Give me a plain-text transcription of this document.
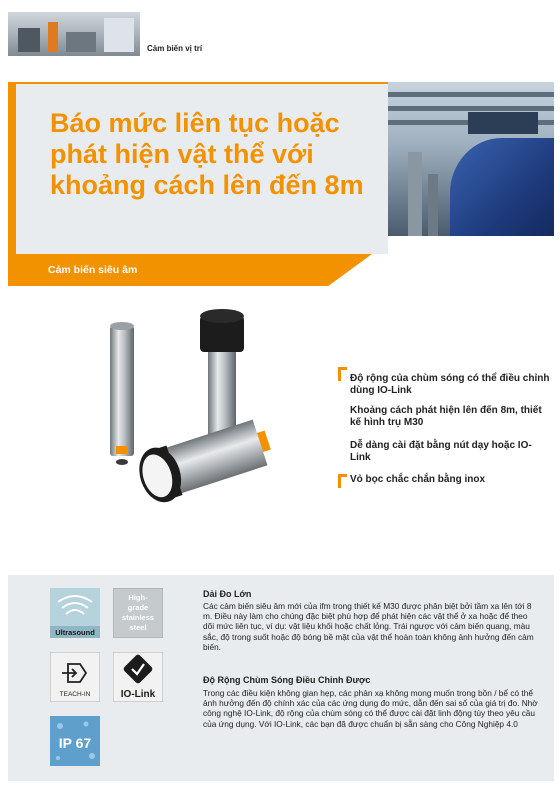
Cảm biến vị trí
Báo mức liên tục hoặc phát hiện vật thể với khoảng cách lên đến 8m
Cảm biến siêu âm
Độ rộng của chùm sóng có thể điều chỉnh dùng IO-Link
Khoảng cách phát hiện lên đến 8m, thiết kế hình trụ M30
Dễ dàng cài đặt bằng nút dạy hoặc IO-Link
Vỏ bọc chắc chắn bằng inox
Ultrasound
High-
grade
stainless
steel
TEACH-IN	IO-Link
IP 67
Dải Đo Lớn
Các cảm biến siêu âm mới của ifm trong thiết kế M30 được phân biệt bởi tầm xa lên tới 8 m. Điều này làm cho chúng đặc biệt phù hợp để phát hiện các vật thể ở xa hoặc để theo dõi mức liên tục, ví dụ: vật liệu khối hoặc chất lỏng. Trái ngược với cảm biến quang, màu sắc, độ trong suốt hoặc độ bóng bề mặt của vật thể hoàn toàn không ảnh hưởng đến cảm biến.
Độ Rộng Chùm Sóng Điều Chỉnh Được
Trong các điều kiện không gian hẹp, các phản xạ không mong muốn trong bồn / bể có thể ảnh hưởng đến độ chính xác của các ứng dụng đo mức, dẫn đến sai số của giá trị đo. Nhờ công nghệ IO-Link, độ rộng của chùm sóng có thể được cài đặt linh động tùy theo yêu cầu của ứng dụng. Với IO-Link, các bạn đã được chuẩn bị sẵn sàng cho Công Nghiệp 4.0
